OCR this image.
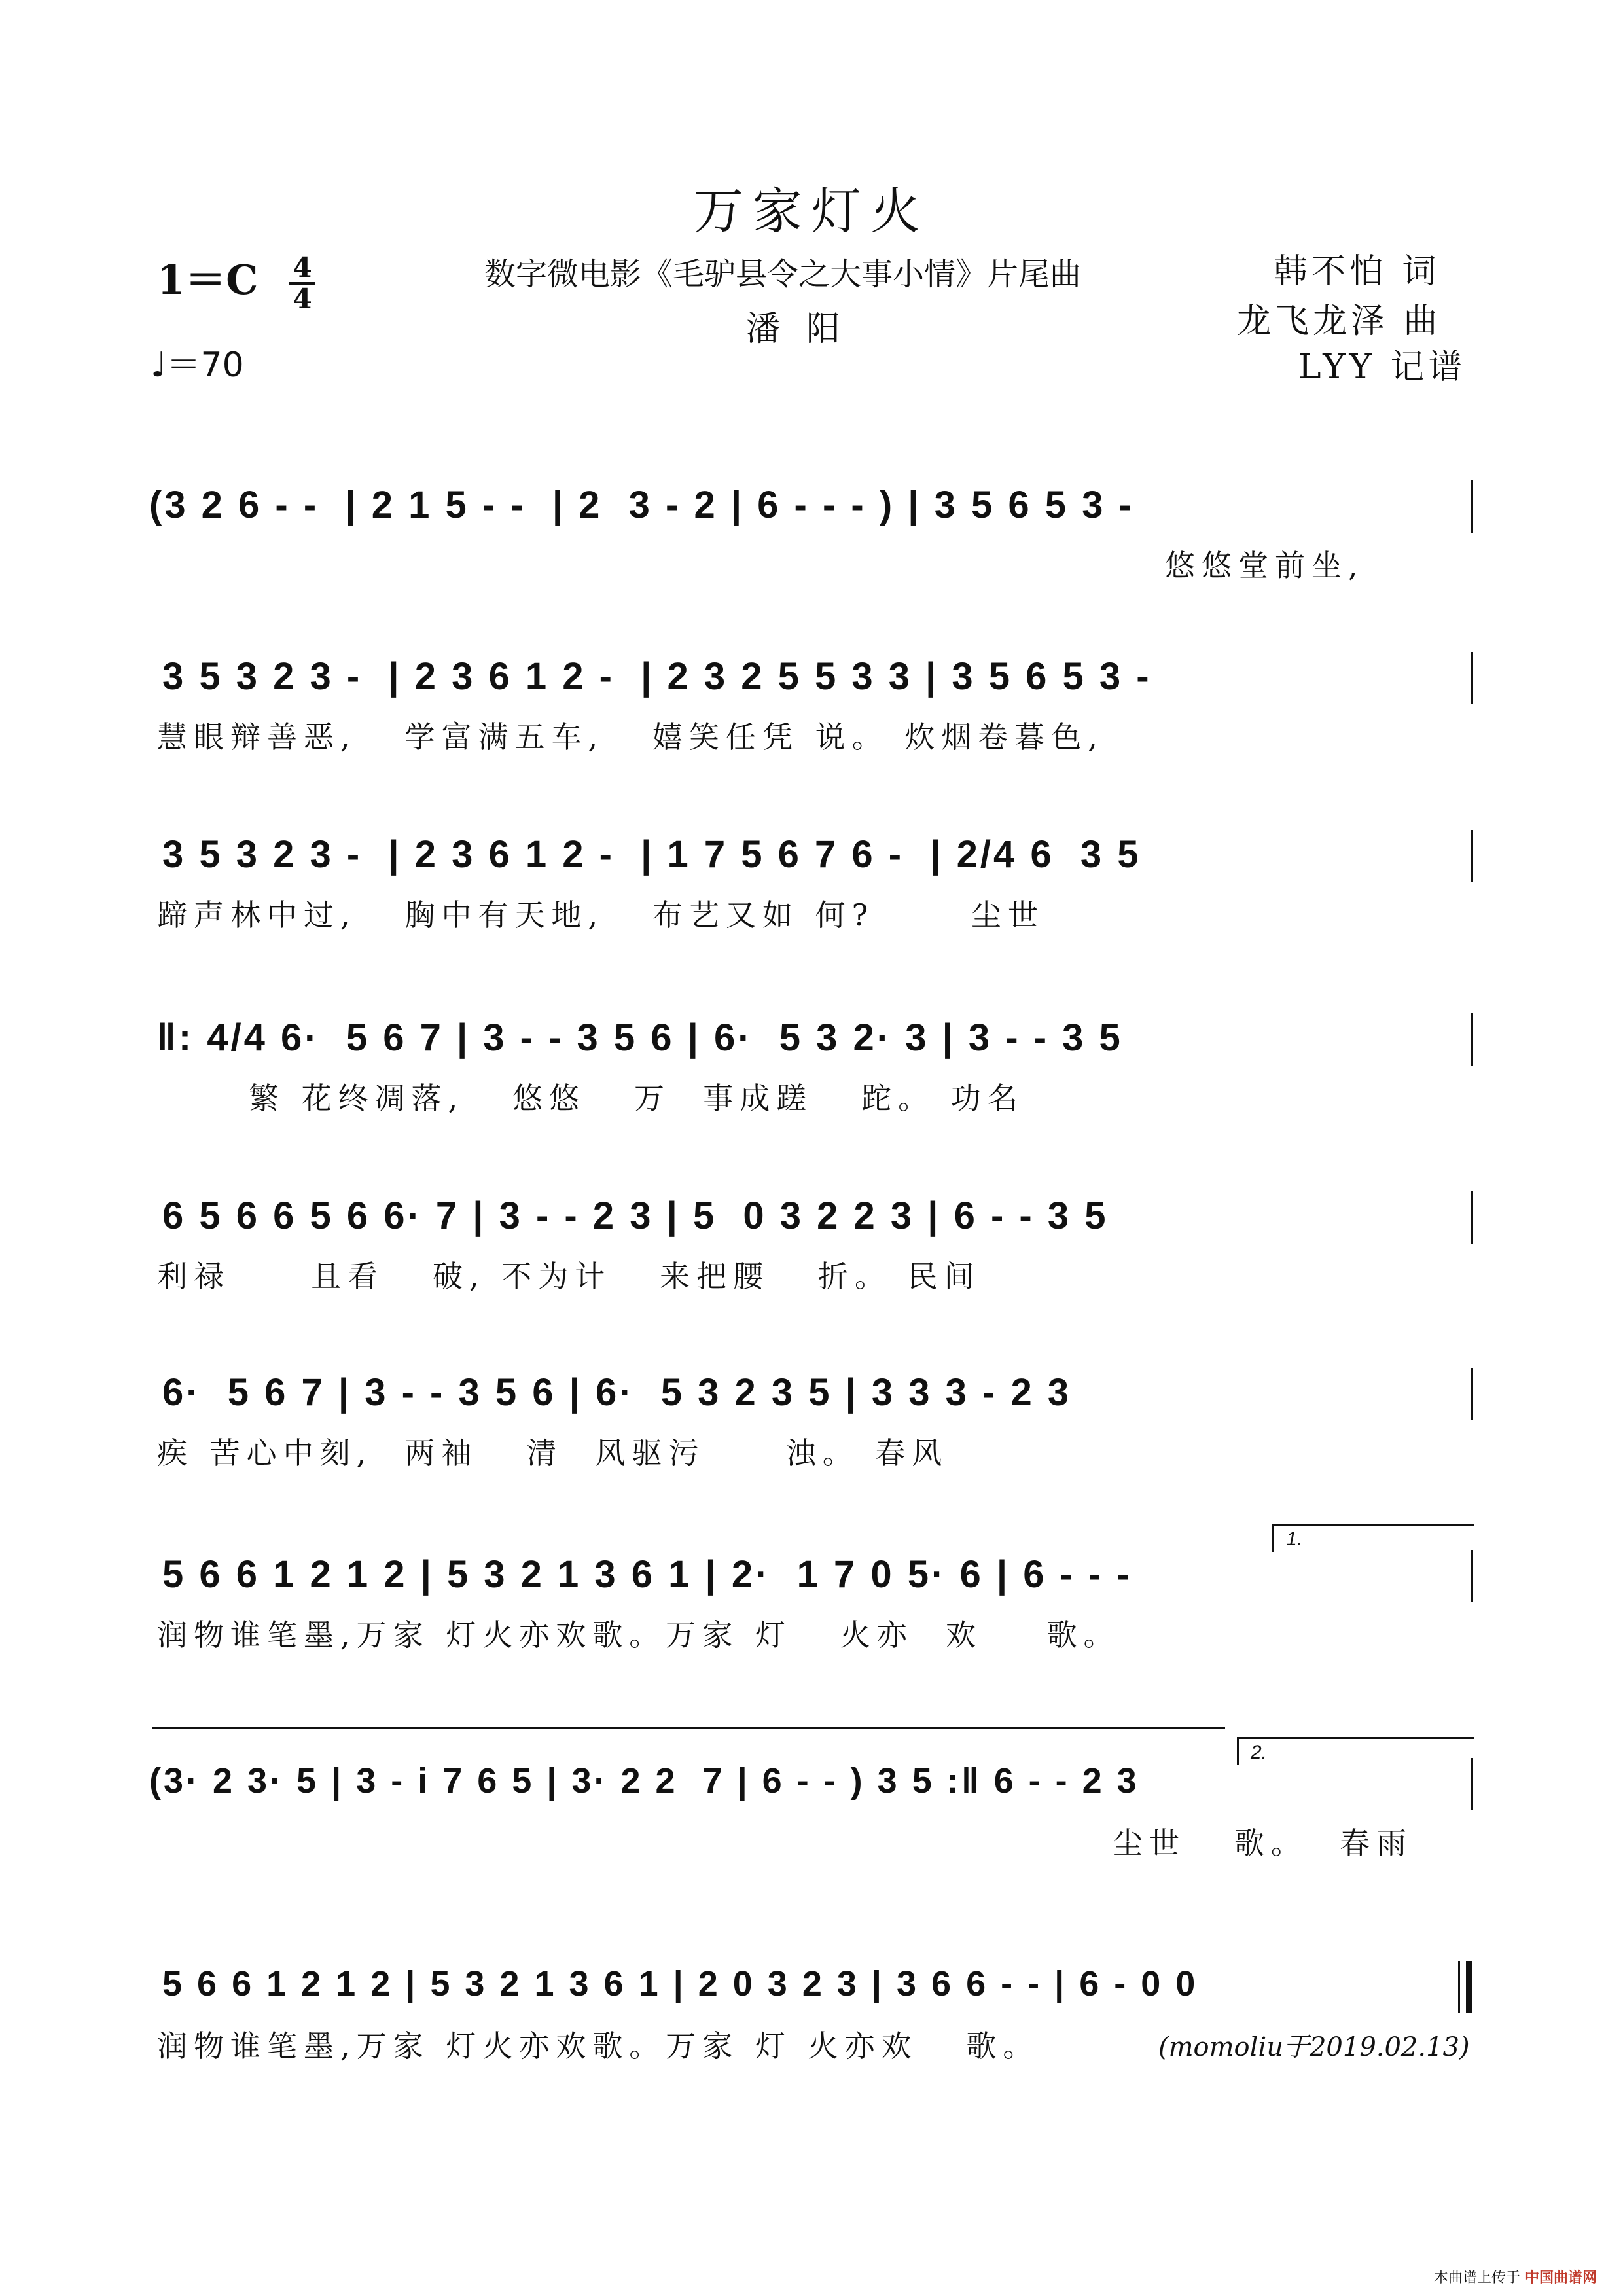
万家灯火
数字微电影《毛驴县令之大事小情》片尾曲
潘阳
韩不怕 词
龙飞龙泽 曲
LYY 记谱
$1=C \frac{4}{4}$
♩＝70
(3 2 6 - -  | 2 1 5 - -  | 2  3 - 2 | 6 - - - ) | 3 5 6 5 3 -
悠悠堂前坐,
3 5 3 2 3 -  | 2 3 6 1 2 -  | 2 3 2 5 5 3 3 | 3 5 6 5 3 -
慧眼辩善恶,   学富满五车,   嬉笑任凭 说。 炊烟卷暮色,
3 5 3 2 3 -  | 2 3 6 1 2 -  | 1 7 5 6 7 6 -  | 2/4 6  3 5
蹄声林中过,   胸中有天地,   布艺又如 何?      尘世
‖: 4/4 6·  5 6 7 | 3 - - 3 5 6 | 6·  5 3 2· 3 | 3 - - 3 5
繁 花终凋落,   悠悠   万  事成蹉   跎。 功名
6 5 6 6 5 6 6· 7 | 3 - - 2 3 | 5  0 3 2 2 3 | 6 - - 3 5
利禄     且看   破, 不为计   来把腰   折。 民间
6·  5 6 7 | 3 - - 3 5 6 | 6·  5 3 2 3 5 | 3 3 3 - 2 3
疾 苦心中刻,  两袖   清  风驱污     浊。 春风
1.
5 6 6 1 2 1 2 | 5 3 2 1 3 6 1 | 2·  1 7 0 5· 6 | 6 - - -
润物谁笔墨,万家 灯火亦欢歌。万家 灯   火亦  欢    歌。
2.
(3· 2 3· 5 | 3 - i 7 6 5 | 3· 2 2  7 | 6 - - ) 3 5 :‖ 6 - - 2 3
尘世   歌。  春雨
5 6 6 1 2 1 2 | 5 3 2 1 3 6 1 | 2 0 3 2 3 | 3 6 6 - - | 6 - 0 0
润物谁笔墨,万家 灯火亦欢歌。万家 灯 火亦欢   歌。	(momoliu于2019.02.13)
本曲谱上传于 中国曲谱网
